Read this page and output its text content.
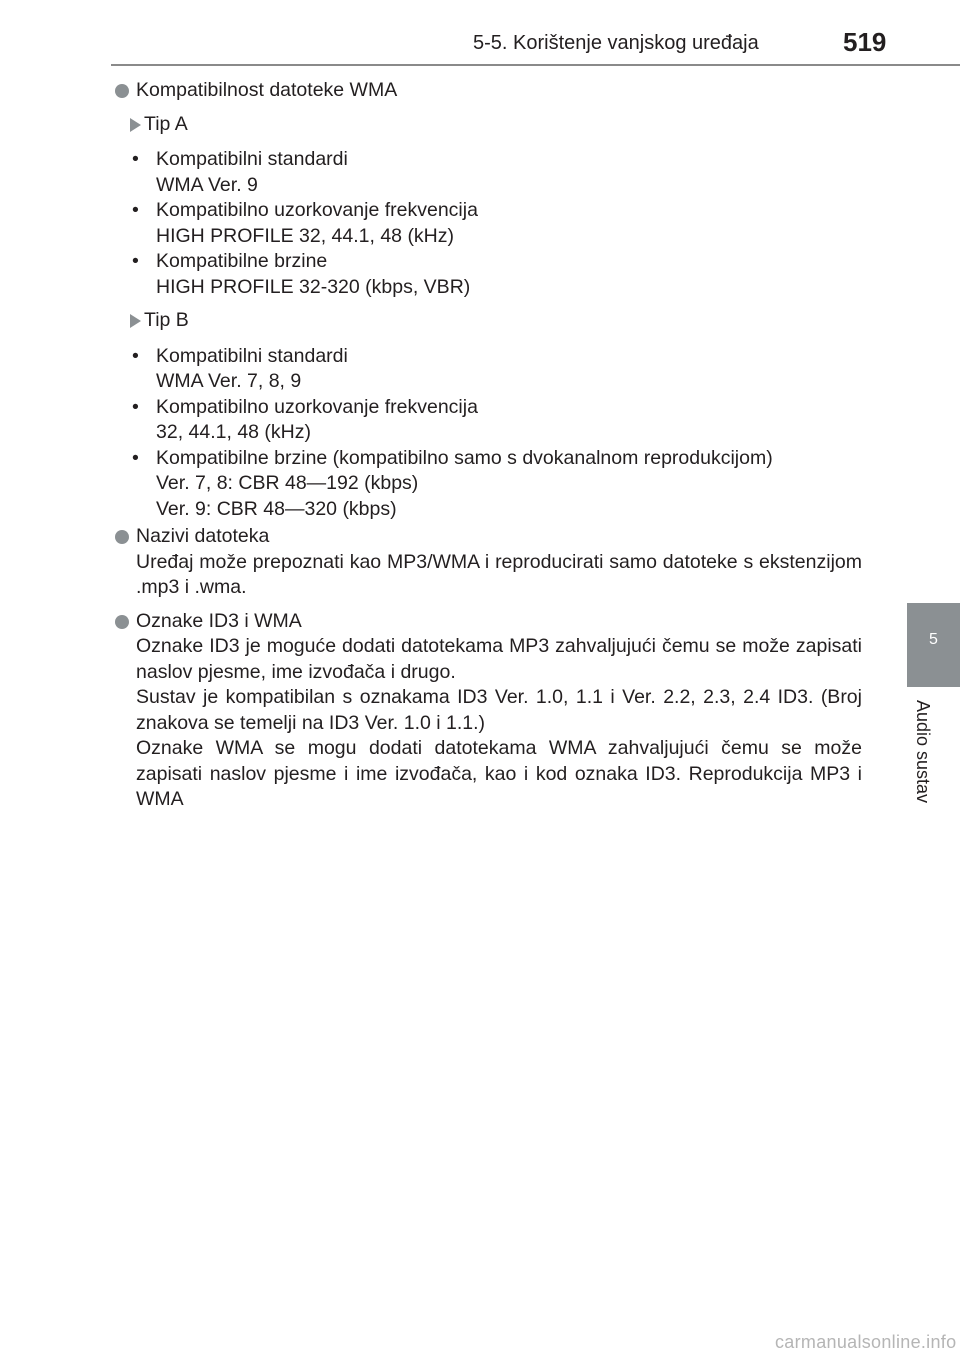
5-5. Korištenje vanjskog uređaja	519
5
Audio sustav
Kompatibilnost datoteke WMA
Tip A
• Kompatibilni standardi
WMA Ver. 9
• Kompatibilno uzorkovanje frekvencija
HIGH PROFILE 32, 44.1, 48 (kHz)
• Kompatibilne brzine
HIGH PROFILE 32-320 (kbps, VBR)
Tip B
• Kompatibilni standardi
WMA Ver. 7, 8, 9
• Kompatibilno uzorkovanje frekvencija
32, 44.1, 48 (kHz)
• Kompatibilne brzine (kompatibilno samo s dvokanalnom reprodukcijom)
Ver. 7, 8: CBR 48—192 (kbps)
Ver. 9: CBR 48—320 (kbps)
Nazivi datoteka
Uređaj može prepoznati kao MP3/WMA i reproducirati samo datoteke s ekstenzijom .mp3 i .wma.
Oznake ID3 i WMA
Oznake ID3 je moguće dodati datotekama MP3 zahvaljujući čemu se može zapisati naslov pjesme, ime izvođača i drugo.
Sustav je kompatibilan s oznakama ID3 Ver. 1.0, 1.1 i Ver. 2.2, 2.3, 2.4 ID3. (Broj znakova se temelji na ID3 Ver. 1.0 i 1.1.)
Oznake WMA se mogu dodati datotekama WMA zahvaljujući čemu se može zapisati naslov pjesme i ime izvođača, kao i kod oznaka ID3. Reprodukcija MP3 i WMA
carmanualsonline.info
